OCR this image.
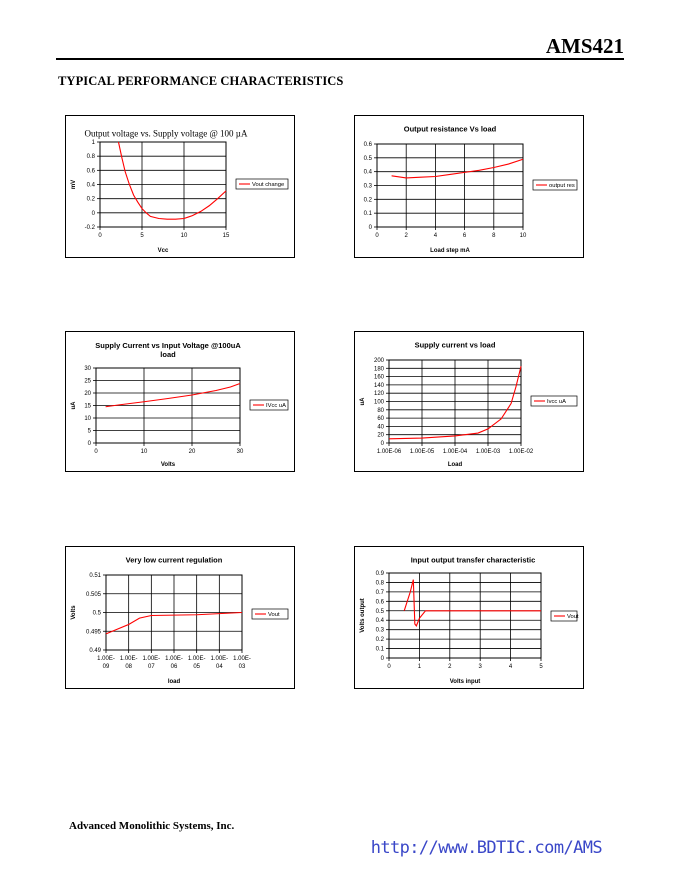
AMS421
TYPICAL PERFORMANCE CHARACTERISTICS
Output voltage vs. Supply voltage @ 100 µA
-0.2
0
0.2
0.4
0.6
0.8
1
0	5	10	15
Vout change
Vcc
mV
Output resistance Vs load
0
0.1
0.2
0.3
0.4
0.5
0.6
0	2	4	6	8	10
output res
Load step mA
Supply Current vs Input Voltage @100uA load
0
5
10
15
20
25
30
0	10	20	30
IVcc uA
Volts
uA
Supply current vs load
0
20
40
60
80
100
120
140
160
180
200
1.00E-06 1.00E-05 1.00E-04 1.00E-03 1.00E-02
Ivcc uA
Load
uA
Very low current regulation
0.49
0.495
0.5
0.505
0.51
1.00E-09
1.00E-08
1.00E-07
1.00E-06
1.00E-05
1.00E-04
1.00E-03
Vout
load
Volts
Input output transfer characteristic
0
0.1
0.2
0.3
0.4
0.5
0.6
0.7
0.8
0.9
0	1	2	3	4	5
Vout
Volts input
Volts output
Advanced Monolithic Systems, Inc.
http://www.BDTIC.com/AMS
